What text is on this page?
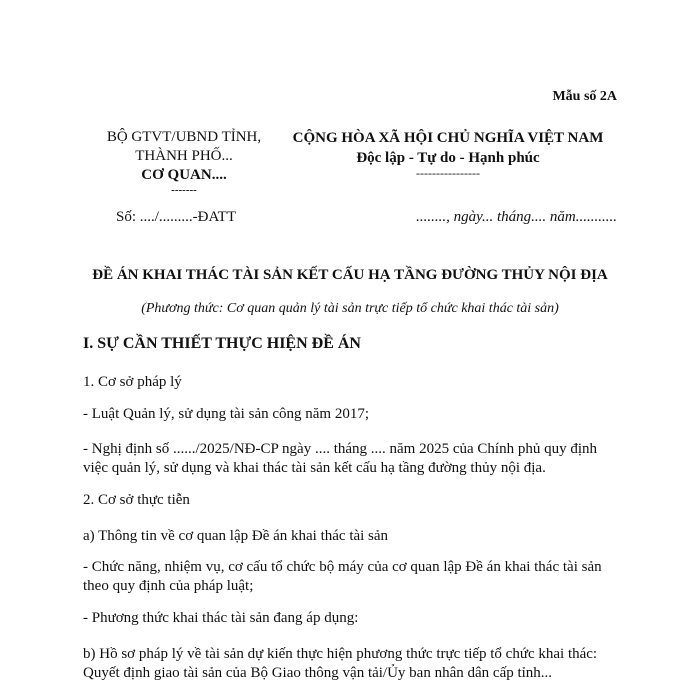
Mẫu số 2A
BỘ GTVT/UBND TỈNH,
THÀNH PHỐ...
CƠ QUAN....
-------
CỘNG HÒA XÃ HỘI CHỦ NGHĨA VIỆT NAM
Độc lập - Tự do - Hạnh phúc
----------------
Số: ..../.........-ĐATT	........, ngày... tháng.... năm...........
ĐỀ ÁN KHAI THÁC TÀI SẢN KẾT CẤU HẠ TẦNG ĐƯỜNG THỦY NỘI ĐỊA
(Phương thức: Cơ quan quản lý tài sản trực tiếp tổ chức khai thác tài sản)
I. SỰ CẦN THIẾT THỰC HIỆN ĐỀ ÁN
1. Cơ sở pháp lý
- Luật Quản lý, sử dụng tài sản công năm 2017;
- Nghị định số ....../2025/NĐ-CP ngày .... tháng .... năm 2025 của Chính phủ quy định
việc quản lý, sử dụng và khai thác tài sản kết cấu hạ tầng đường thủy nội địa.
2. Cơ sở thực tiễn
a) Thông tin về cơ quan lập Đề án khai thác tài sản
- Chức năng, nhiệm vụ, cơ cấu tổ chức bộ máy của cơ quan lập Đề án khai thác tài sản
theo quy định của pháp luật;
- Phương thức khai thác tài sản đang áp dụng:
b) Hồ sơ pháp lý về tài sản dự kiến thực hiện phương thức trực tiếp tổ chức khai thác:
Quyết định giao tài sản của Bộ Giao thông vận tải/Ủy ban nhân dân cấp tỉnh...
